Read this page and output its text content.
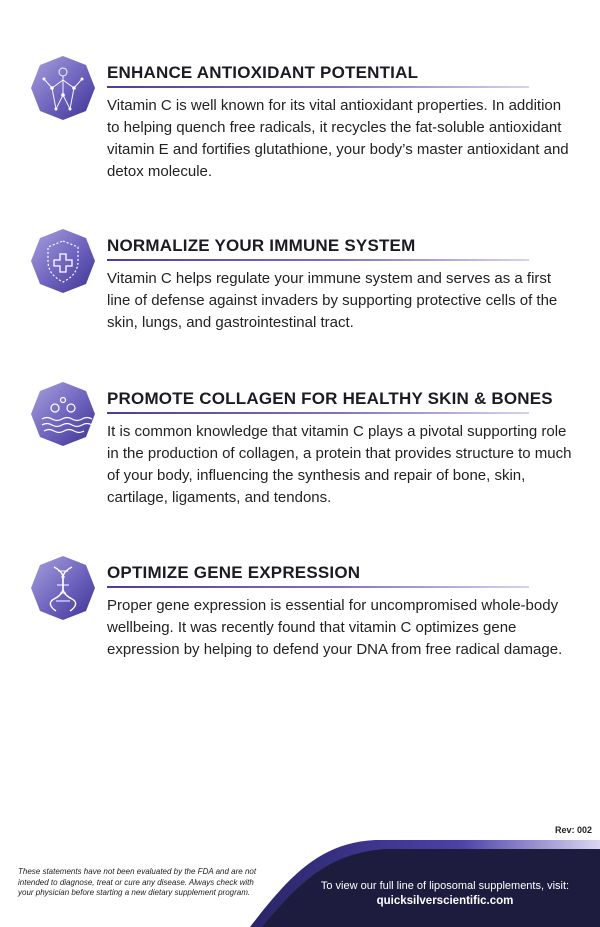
ENHANCE ANTIOXIDANT POTENTIAL

Vitamin C is well known for its vital antioxidant properties. In addition to helping quench free radicals, it recycles the fat-soluble antioxidant vitamin E and fortifies glutathione, your body’s master antioxidant and detox molecule.

NORMALIZE YOUR IMMUNE SYSTEM

Vitamin C helps regulate your immune system and serves as a first line of defense against invaders by supporting protective cells of the skin, lungs, and gastrointestinal tract.

PROMOTE COLLAGEN FOR HEALTHY SKIN & BONES

It is common knowledge that vitamin C plays a pivotal supporting role in the production of collagen, a protein that provides structure to much of your body, influencing the synthesis and repair of bone, skin, cartilage, ligaments, and tendons.

OPTIMIZE GENE EXPRESSION

Proper gene expression is essential for uncompromised whole-body wellbeing. It was recently found that vitamin C optimizes gene expression by helping to defend your DNA from free radical damage.

Rev: 002

These statements have not been evaluated by the FDA and are not intended to diagnose, treat or cure any disease. Always check with your physician before starting a new dietary supplement program.

To view our full line of liposomal supplements, visit:
quicksilverscientific.com
